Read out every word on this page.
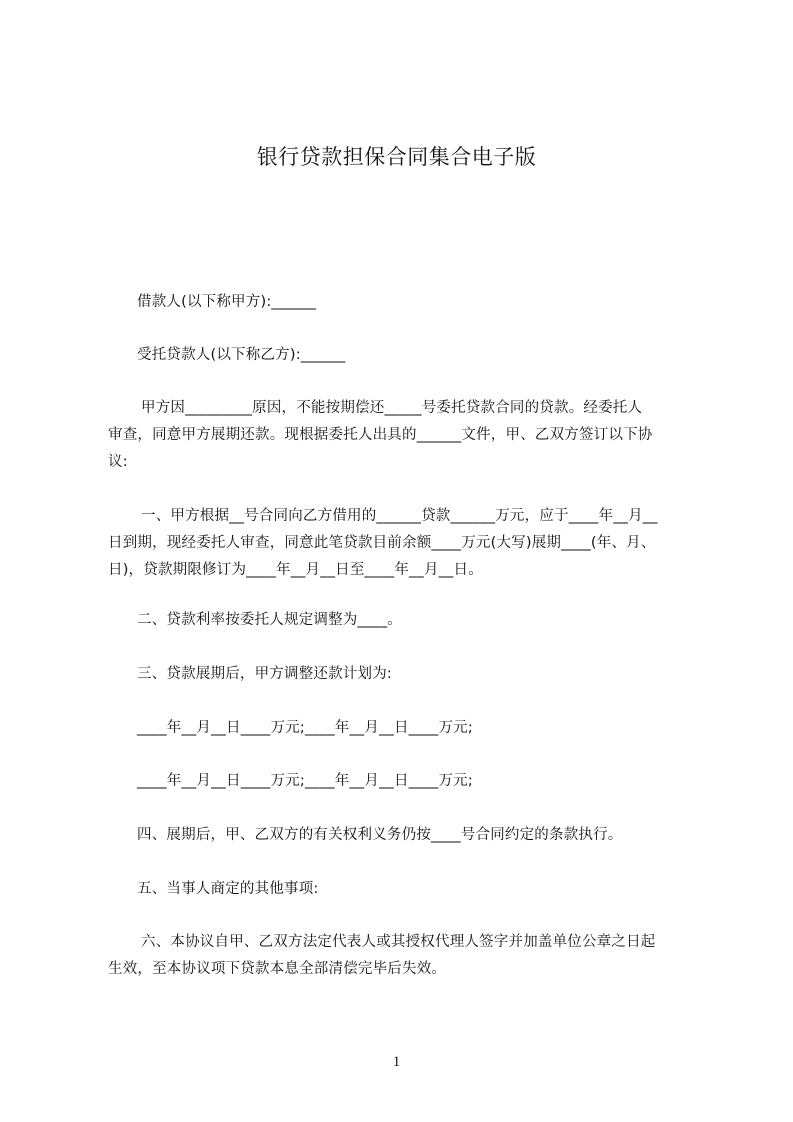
银行贷款担保合同集合电子版
借款人(以下称甲方):______
受托贷款人(以下称乙方):______
甲方因_________原因，不能按期偿还_____号委托贷款合同的贷款。经委托人
审查，同意甲方展期还款。现根据委托人出具的______文件，甲、乙双方签订以下协
议:
一、甲方根据__号合同向乙方借用的______贷款______万元，应于____年__月__
日到期，现经委托人审查，同意此笔贷款目前余额____万元(大写)展期____(年、月、
日)，贷款期限修订为____年__月__日至____年__月__日。
二、贷款利率按委托人规定调整为____。
三、贷款展期后，甲方调整还款计划为:
____年__月__日____万元;____年__月__日____万元;
____年__月__日____万元;____年__月__日____万元;
四、展期后，甲、乙双方的有关权利义务仍按____号合同约定的条款执行。
五、当事人商定的其他事项:
六、本协议自甲、乙双方法定代表人或其授权代理人签字并加盖单位公章之日起
生效，至本协议项下贷款本息全部清偿完毕后失效。
1
